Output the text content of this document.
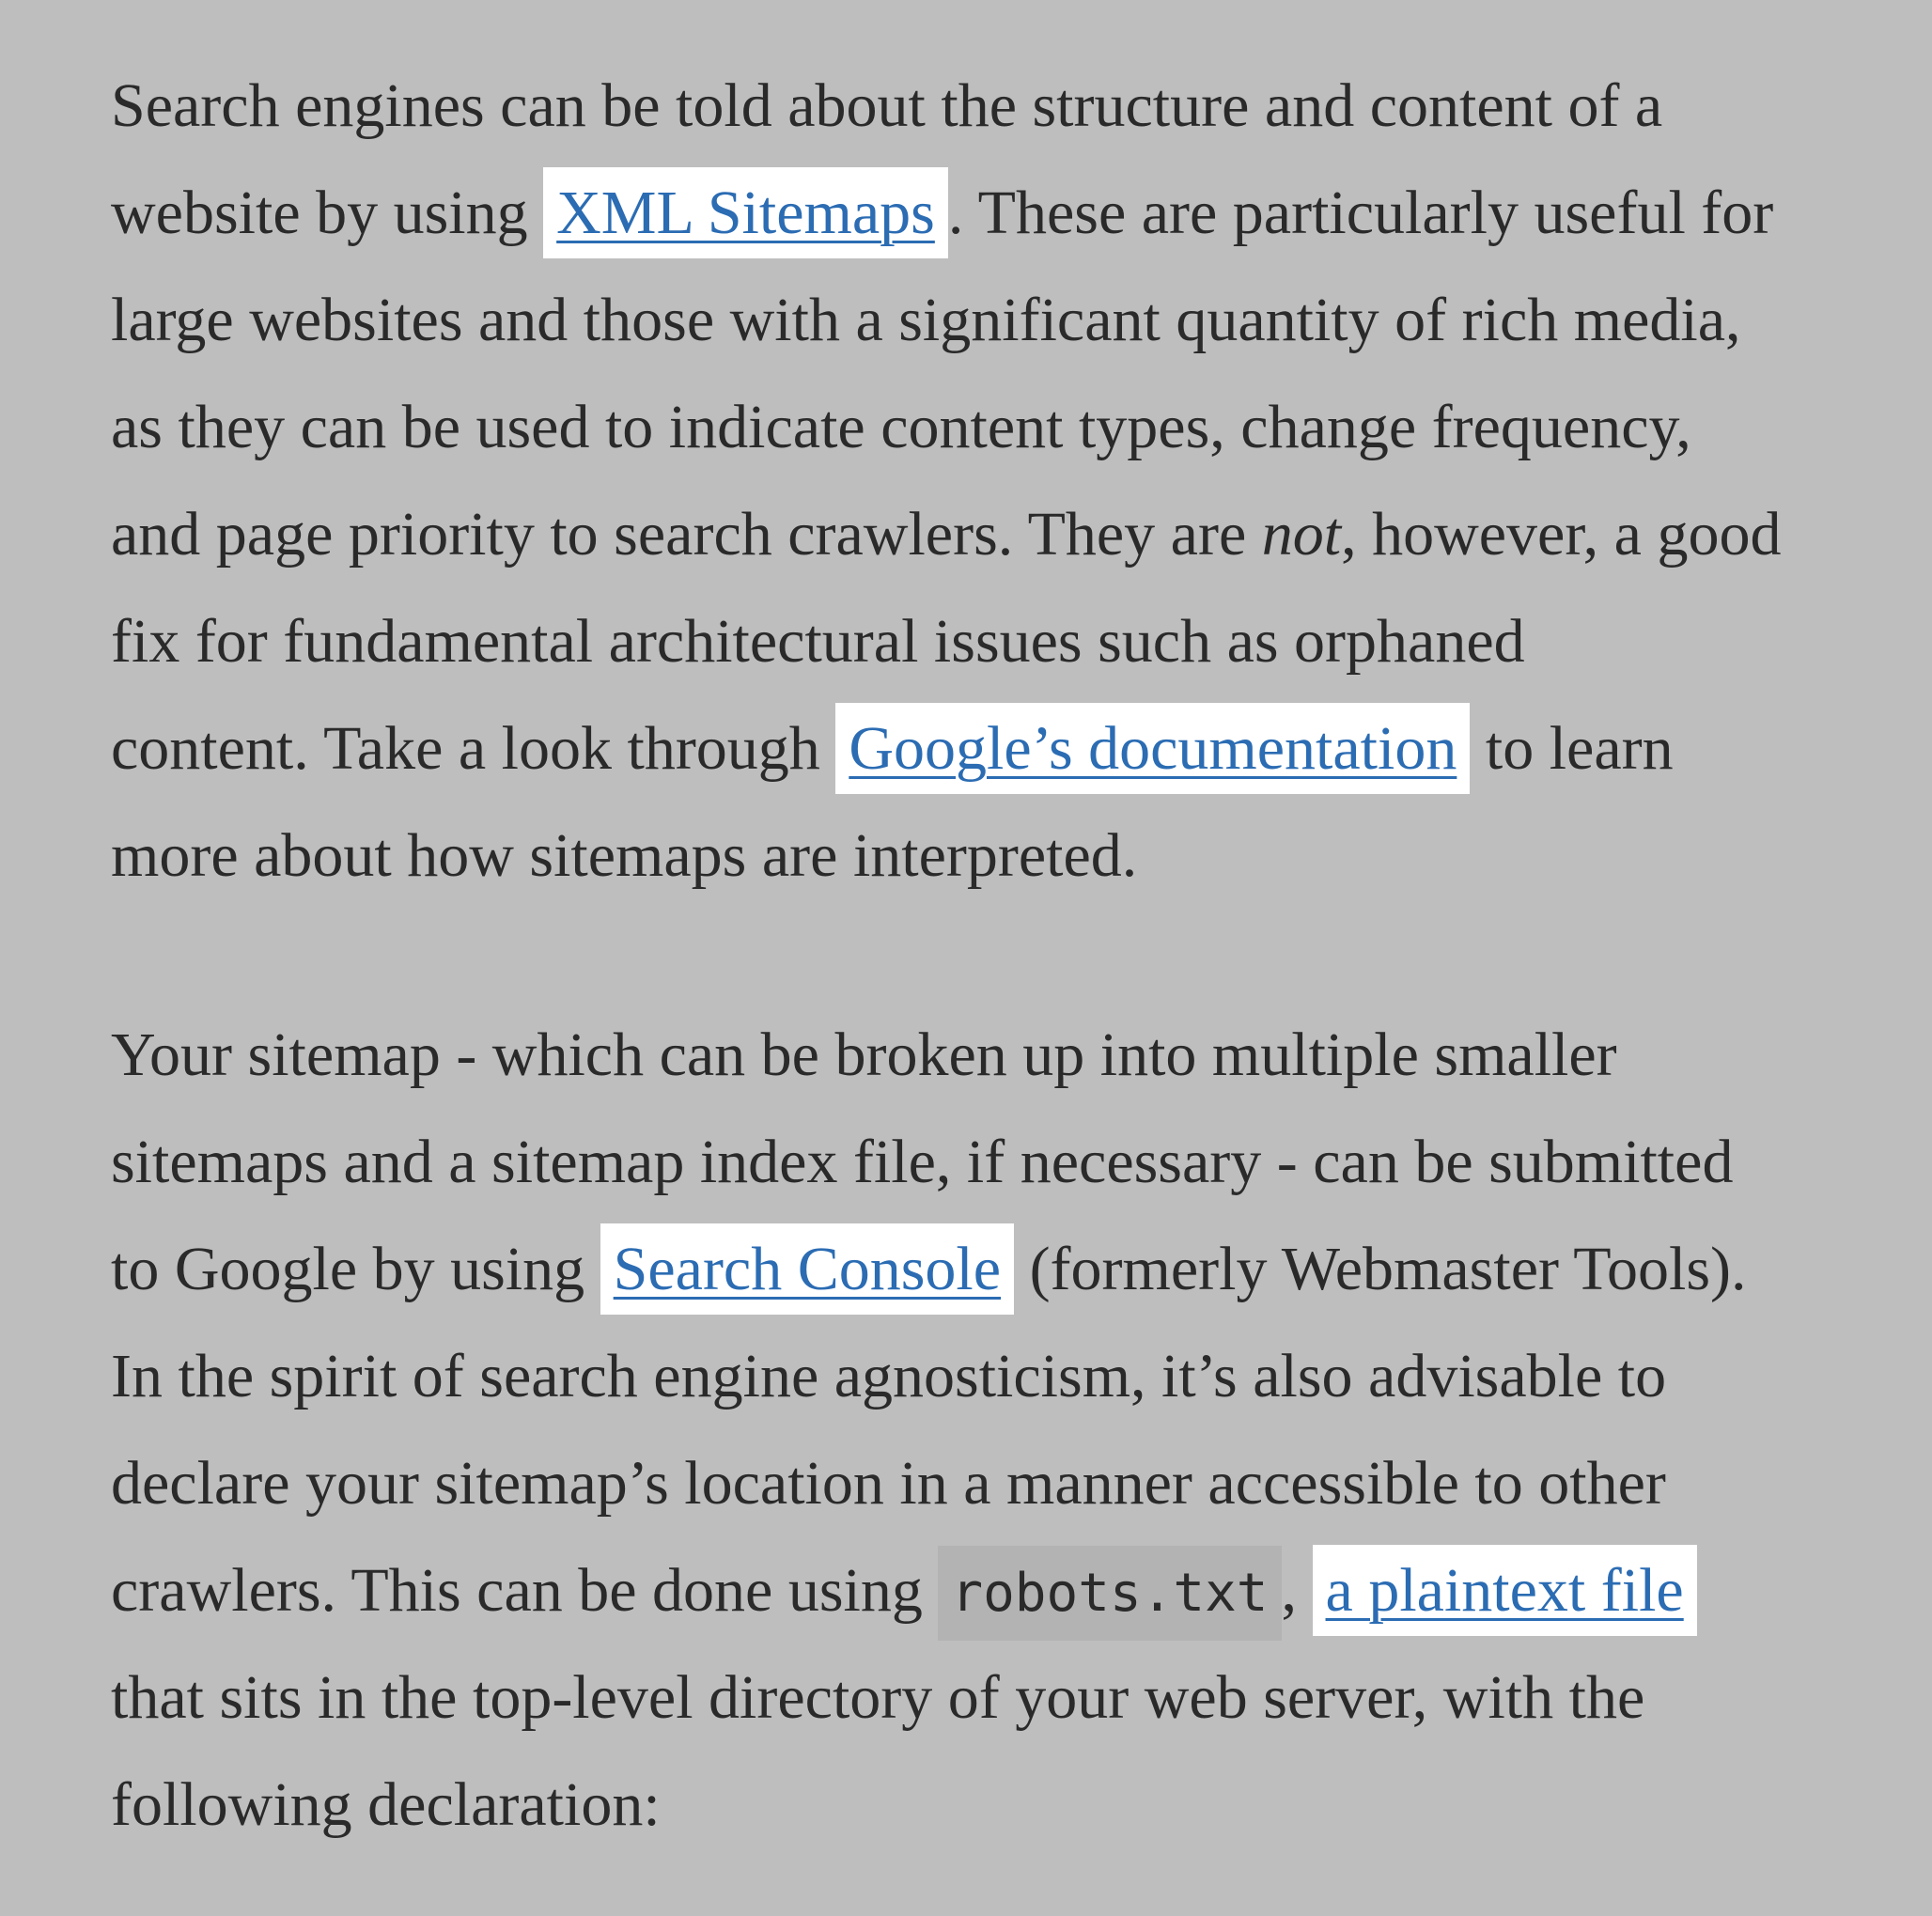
Search engines can be told about the structure and content of a
website by using XML Sitemaps . These are particularly useful for
large websites and those with a significant quantity of rich media,
as they can be used to indicate content types, change frequency,
and page priority to search crawlers. They are not, however, a good
fix for fundamental architectural issues such as orphaned
content. Take a look through Google’s documentation to learn
more about how sitemaps are interpreted.

Your sitemap - which can be broken up into multiple smaller
sitemaps and a sitemap index file, if necessary - can be submitted
to Google by using Search Console (formerly Webmaster Tools).
In the spirit of search engine agnosticism, it’s also advisable to
declare your sitemap’s location in a manner accessible to other
crawlers. This can be done using robots.txt , a plaintext file
that sits in the top-level directory of your web server, with the
following declaration:
